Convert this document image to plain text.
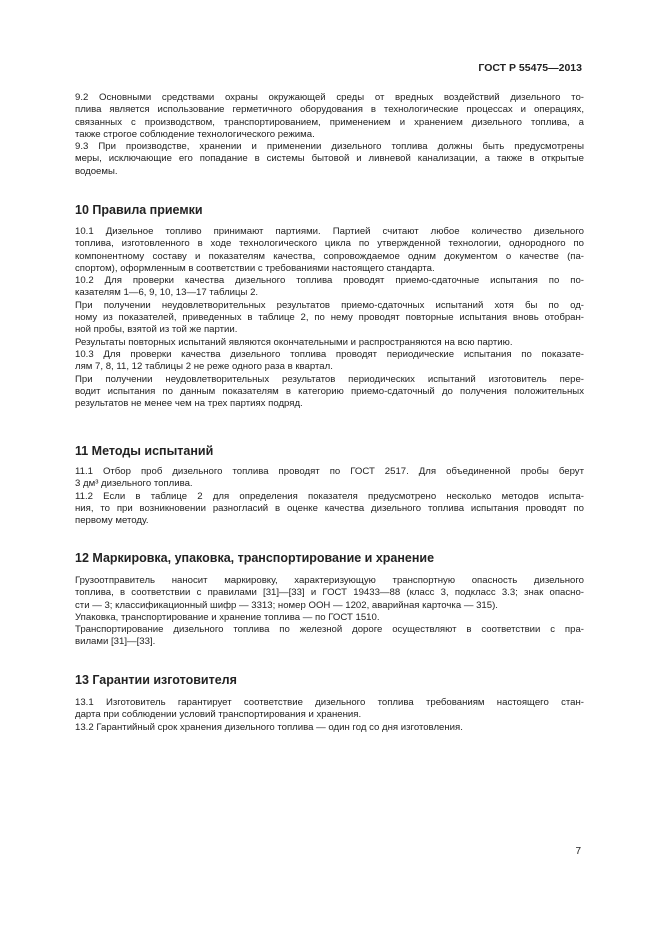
ГОСТ Р 55475—2013
9.2 Основными средствами охраны окружающей среды от вредных воздействий дизельного то-
плива является использование герметичного оборудования в технологические процессах и операциях,
связанных с производством, транспортированием, применением и хранением дизельного топлива, а
также строгое соблюдение технологического режима.
9.3 При производстве, хранении и применении дизельного топлива должны быть предусмотрены
меры, исключающие его попадание в системы бытовой и ливневой канализации, а также в открытые
водоемы.
10 Правила приемки
10.1 Дизельное топливо принимают партиями. Партией считают любое количество дизельного
топлива, изготовленного в ходе технологического цикла по утвержденной технологии, однородного по
компонентному составу и показателям качества, сопровождаемое одним документом о качестве (па-
спортом), оформленным в соответствии с требованиями настоящего стандарта.
10.2 Для проверки качества дизельного топлива проводят приемо-сдаточные испытания по по-
казателям 1—6, 9, 10, 13—17 таблицы 2.
При получении неудовлетворительных результатов приемо-сдаточных испытаний хотя бы по од-
ному из показателей, приведенных в таблице 2, по нему проводят повторные испытания вновь отобран-
ной пробы, взятой из той же партии.
Результаты повторных испытаний являются окончательными и распространяются на всю партию.
10.3 Для проверки качества дизельного топлива проводят периодические испытания по показате-
лям 7, 8, 11, 12 таблицы 2 не реже одного раза в квартал.
При получении неудовлетворительных результатов периодических испытаний изготовитель пере-
водит испытания по данным показателям в категорию приемо-сдаточный до получения положительных
результатов не менее чем на трех партиях подряд.
11 Методы испытаний
11.1 Отбор проб дизельного топлива проводят по ГОСТ 2517. Для объединенной пробы берут
3 дм³ дизельного топлива.
11.2 Если в таблице 2 для определения показателя предусмотрено несколько методов испыта-
ния, то при возникновении разногласий в оценке качества дизельного топлива испытания проводят по
первому методу.
12 Маркировка, упаковка, транспортирование и хранение
Грузоотправитель наносит маркировку, характеризующую транспортную опасность дизельного
топлива, в соответствии с правилами [31]—[33] и ГОСТ 19433—88 (класс 3, подкласс 3.3; знак опасно-
сти — 3; классификационный шифр — 3313; номер ООН — 1202, аварийная карточка — 315).
Упаковка, транспортирование и хранение топлива — по ГОСТ 1510.
Транспортирование дизельного топлива по железной дороге осуществляют в соответствии с пра-
вилами [31]—[33].
13 Гарантии изготовителя
13.1 Изготовитель гарантирует соответствие дизельного топлива требованиям настоящего стан-
дарта при соблюдении условий транспортирования и хранения.
13.2 Гарантийный срок хранения дизельного топлива — один год со дня изготовления.
7
